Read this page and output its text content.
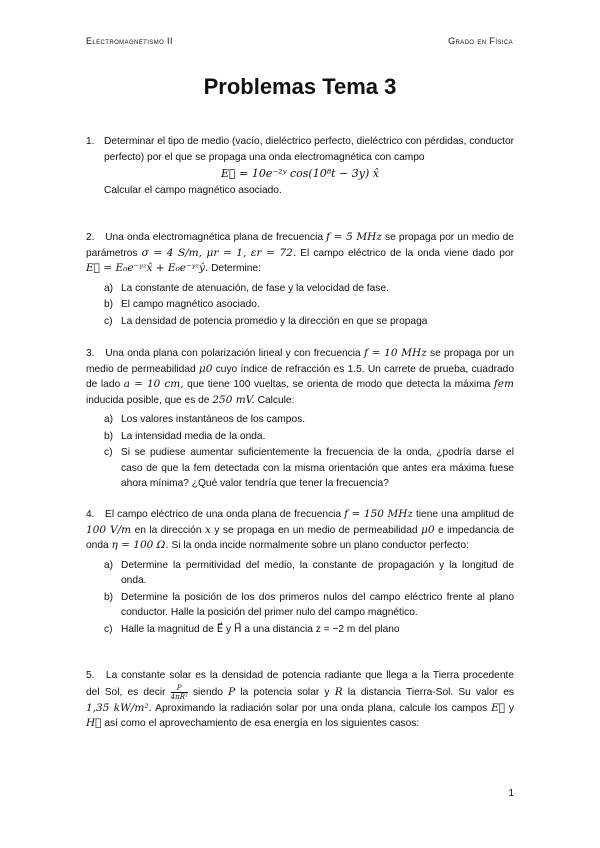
Electromagnetismo II	Grado en Física
Problemas Tema 3
1. Determinar el tipo de medio (vacío, dieléctrico perfecto, dieléctrico con pérdidas, conductor perfecto) por el que se propaga una onda electromagnética con campo
E⃗ = 10e⁻²ʸ cos(10⁸t − 3y) x̂
Calcular el campo magnético asociado.
2. Una onda electromagnética plana de frecuencia f = 5 MHz se propaga por un medio de parámetros σ = 4 S/m, μr = 1, εr = 72. El campo eléctrico de la onda viene dado por E⃗ = E₀e⁻ᵞᶻx̂ + E₀e⁻ᵞᶻŷ. Determine:
a) La constante de atenuación, de fase y la velocidad de fase.
b) El campo magnético asociado.
c) La densidad de potencia promedio y la dirección en que se propaga
3. Una onda plana con polarización lineal y con frecuencia f = 10 MHz se propaga por un medio de permeabilidad μ0 cuyo índice de refracción es 1.5. Un carrete de prueba, cuadrado de lado a = 10 cm, que tiene 100 vueltas, se orienta de modo que detecta la máxima fem inducida posible, que es de 250 mV. Calcule:
a) Los valores instantáneos de los campos.
b) La intensidad media de la onda.
c) Si se pudiese aumentar suficientemente la frecuencia de la onda, ¿podría darse el caso de que la fem detectada con la misma orientación que antes era máxima fuese ahora mínima? ¿Qué valor tendría que tener la frecuencia?
4. El campo eléctrico de una onda plana de frecuencia f = 150 MHz tiene una amplitud de 100 V/m en la dirección x y se propaga en un medio de permeabilidad μ0 e impedancia de onda η = 100 Ω. Si la onda incide normalmente sobre un plano conductor perfecto:
a) Determine la permitividad del medio, la constante de propagación y la longitud de onda.
b) Determine la posición de los dos primeros nulos del campo eléctrico frente al plano conductor. Halle la posición del primer nulo del campo magnético.
c) Halle la magnitud de E⃗ y H⃗ a una distancia z = −2 m del plano
5. La constante solar es la densidad de potencia radiante que llega a la Tierra procedente del Sol, es decir $\frac{P}{\text{4πR²}}$ siendo P la potencia solar y R la distancia Tierra-Sol. Su valor es 1,35 kW/m². Aproximando la radiación solar por una onda plana, calcule los campos E⃗ y H⃗ así como el aprovechamiento de esa energía en los siguientes casos:
1
